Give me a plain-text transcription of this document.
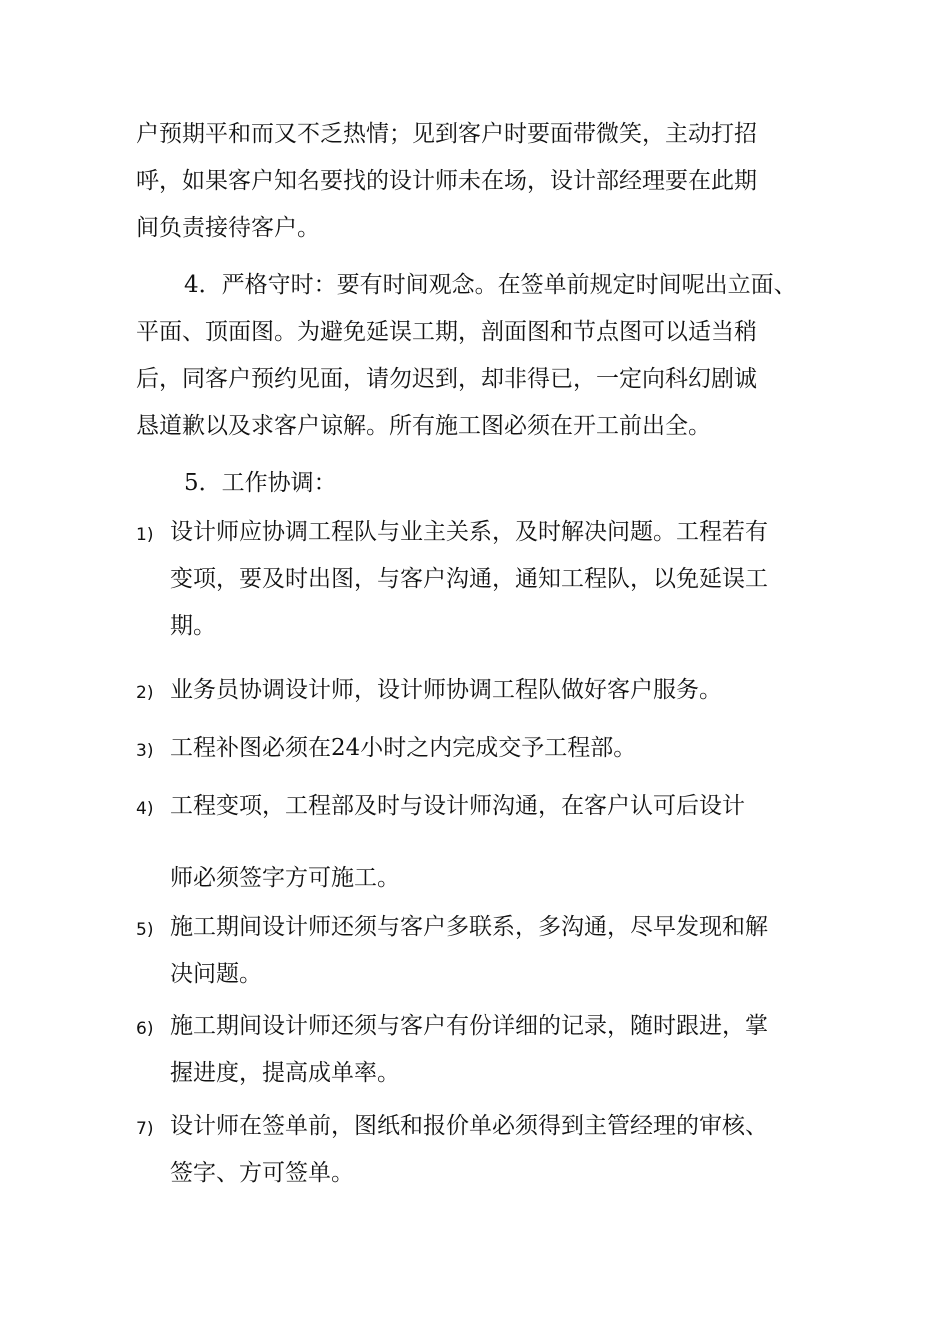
户预期平和而又不乏热情；见到客户时要面带微笑，主动打招
呼，如果客户知名要找的设计师未在场，设计部经理要在此期
间负责接待客户。

4．严格守时：要有时间观念。在签单前规定时间呢出立面、
平面、顶面图。为避免延误工期，剖面图和节点图可以适当稍
后，同客户预约见面，请勿迟到，却非得已，一定向科幻剧诚
恳道歉以及求客户谅解。所有施工图必须在开工前出全。

5．工作协调：

1) 设计师应协调工程队与业主关系，及时解决问题。工程若有
变项，要及时出图，与客户沟通，通知工程队，以免延误工
期。
2) 业务员协调设计师，设计师协调工程队做好客户服务。
3) 工程补图必须在24小时之内完成交予工程部。
4) 工程变项，工程部及时与设计师沟通，在客户认可后设计
师必须签字方可施工。
5) 施工期间设计师还须与客户多联系，多沟通，尽早发现和解
决问题。
6) 施工期间设计师还须与客户有份详细的记录，随时跟进，掌
握进度，提高成单率。
7) 设计师在签单前，图纸和报价单必须得到主管经理的审核、
签字、方可签单。
